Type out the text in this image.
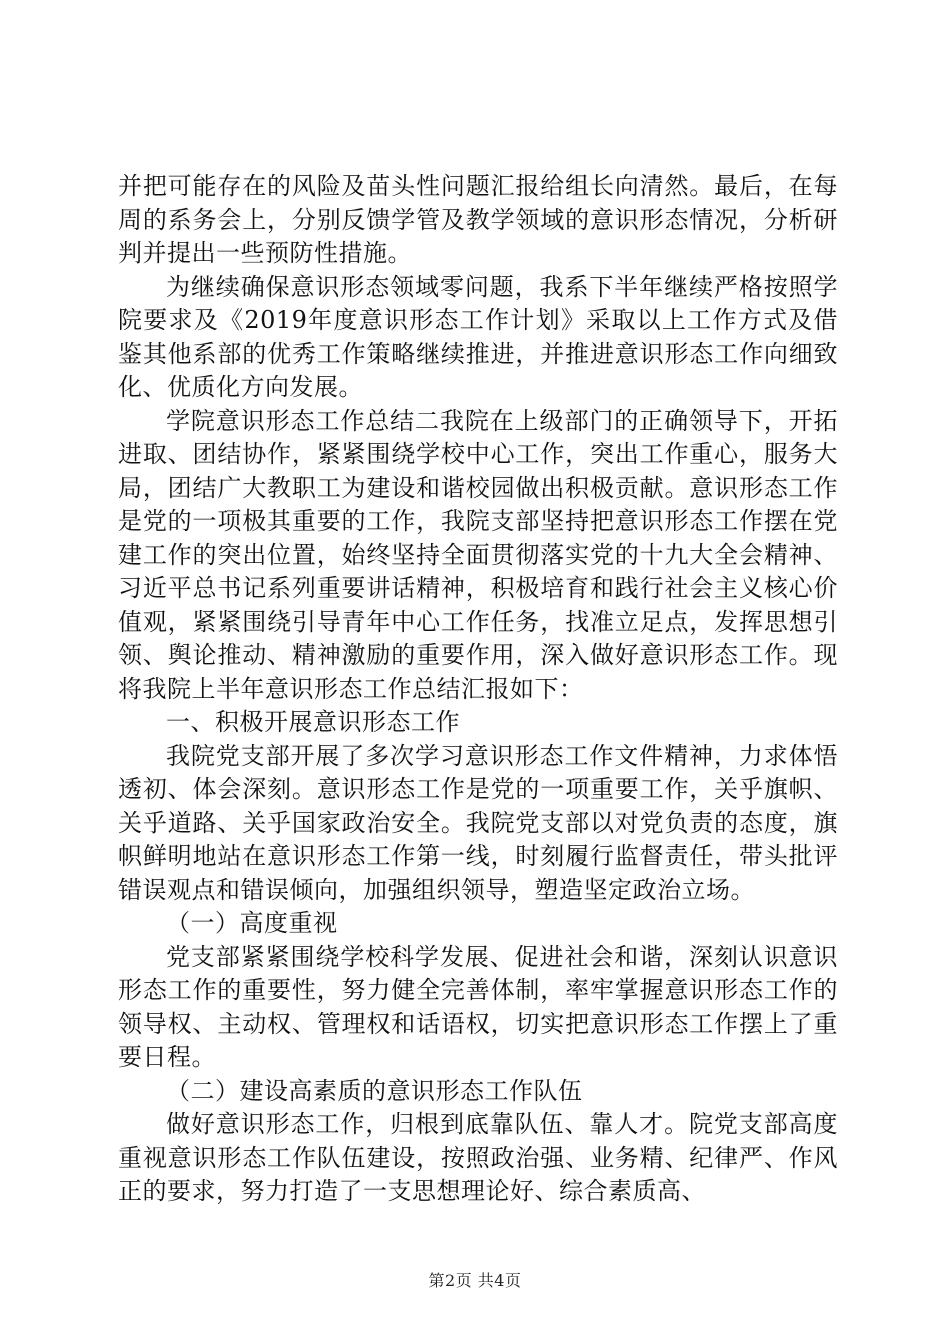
并把可能存在的风险及苗头性问题汇报给组长向清然。最后，在每周的系务会上，分别反馈学管及教学领域的意识形态情况，分析研判并提出一些预防性措施。

为继续确保意识形态领域零问题，我系下半年继续严格按照学院要求及《2019年度意识形态工作计划》采取以上工作方式及借鉴其他系部的优秀工作策略继续推进，并推进意识形态工作向细致化、优质化方向发展。

学院意识形态工作总结二我院在上级部门的正确领导下，开拓进取、团结协作，紧紧围绕学校中心工作，突出工作重心，服务大局，团结广大教职工为建设和谐校园做出积极贡献。意识形态工作是党的一项极其重要的工作，我院支部坚持把意识形态工作摆在党建工作的突出位置，始终坚持全面贯彻落实党的十九大全会精神、习近平总书记系列重要讲话精神，积极培育和践行社会主义核心价值观，紧紧围绕引导青年中心工作任务，找准立足点，发挥思想引领、舆论推动、精神激励的重要作用，深入做好意识形态工作。现将我院上半年意识形态工作总结汇报如下：

一、积极开展意识形态工作

我院党支部开展了多次学习意识形态工作文件精神，力求体悟透初、体会深刻。意识形态工作是党的一项重要工作，关乎旗帜、关乎道路、关乎国家政治安全。我院党支部以对党负责的态度，旗帜鲜明地站在意识形态工作第一线，时刻履行监督责任，带头批评错误观点和错误倾向，加强组织领导，塑造坚定政治立场。

（一）高度重视

党支部紧紧围绕学校科学发展、促进社会和谐，深刻认识意识形态工作的重要性，努力健全完善体制，率牢掌握意识形态工作的领导权、主动权、管理权和话语权，切实把意识形态工作摆上了重要日程。

（二）建设高素质的意识形态工作队伍

做好意识形态工作，归根到底靠队伍、靠人才。院党支部高度重视意识形态工作队伍建设，按照政治强、业务精、纪律严、作风正的要求，努力打造了一支思想理论好、综合素质高、

第2页 共4页
